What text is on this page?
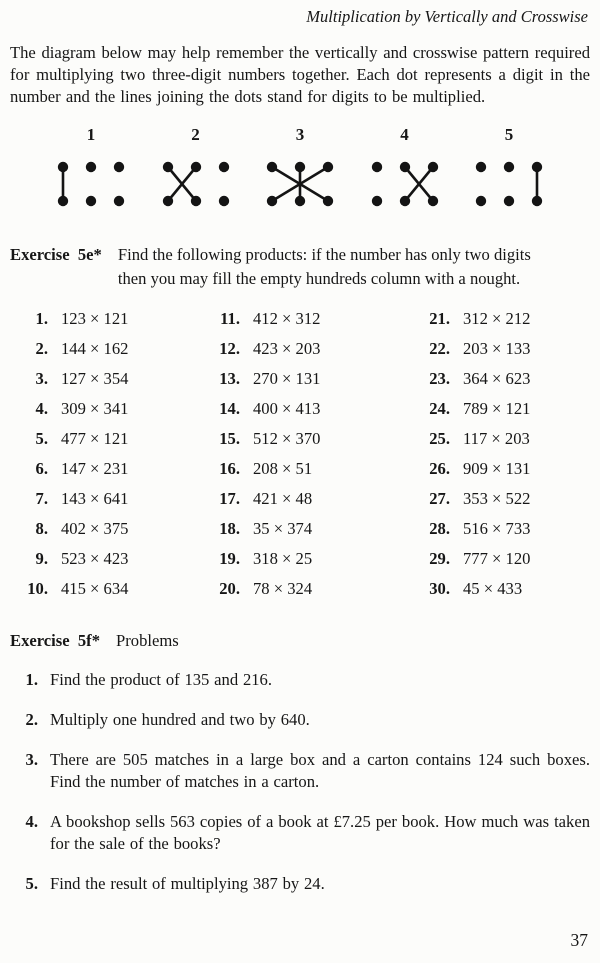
Multiplication by Vertically and Crosswise

The diagram below may help remember the vertically and crosswise pattern required for multiplying two three-digit numbers together. Each dot represents a digit in the number and the lines joining the dots stand for digits to be multiplied.

1	2	3	4	5
Exercise  5e* Find the following products: if the number has only two digits
then you may fill the empty hundreds column with a nought.
1. 123 × 121
2. 144 × 162
3. 127 × 354
4. 309 × 341
5. 477 × 121
6. 147 × 231
7. 143 × 641
8. 402 × 375
9. 523 × 423
10. 415 × 634
11. 412 × 312
12. 423 × 203
13. 270 × 131
14. 400 × 413
15. 512 × 370
16. 208 × 51
17. 421 × 48
18. 35 × 374
19. 318 × 25
20. 78 × 324
21. 312 × 212
22. 203 × 133
23. 364 × 623
24. 789 × 121
25. 117 × 203
26. 909 × 131
27. 353 × 522
28. 516 × 733
29. 777 × 120
30. 45 × 433
Exercise  5f* Problems
1. Find the product of 135 and 216.
2. Multiply one hundred and two by 640.
3. There are 505 matches in a large box and a carton contains 124 such boxes. Find the number of matches in a carton.
4. A bookshop sells 563 copies of a book at £7.25 per book. How much was taken for the sale of the books?
5. Find the result of multiplying 387 by 24.
37
